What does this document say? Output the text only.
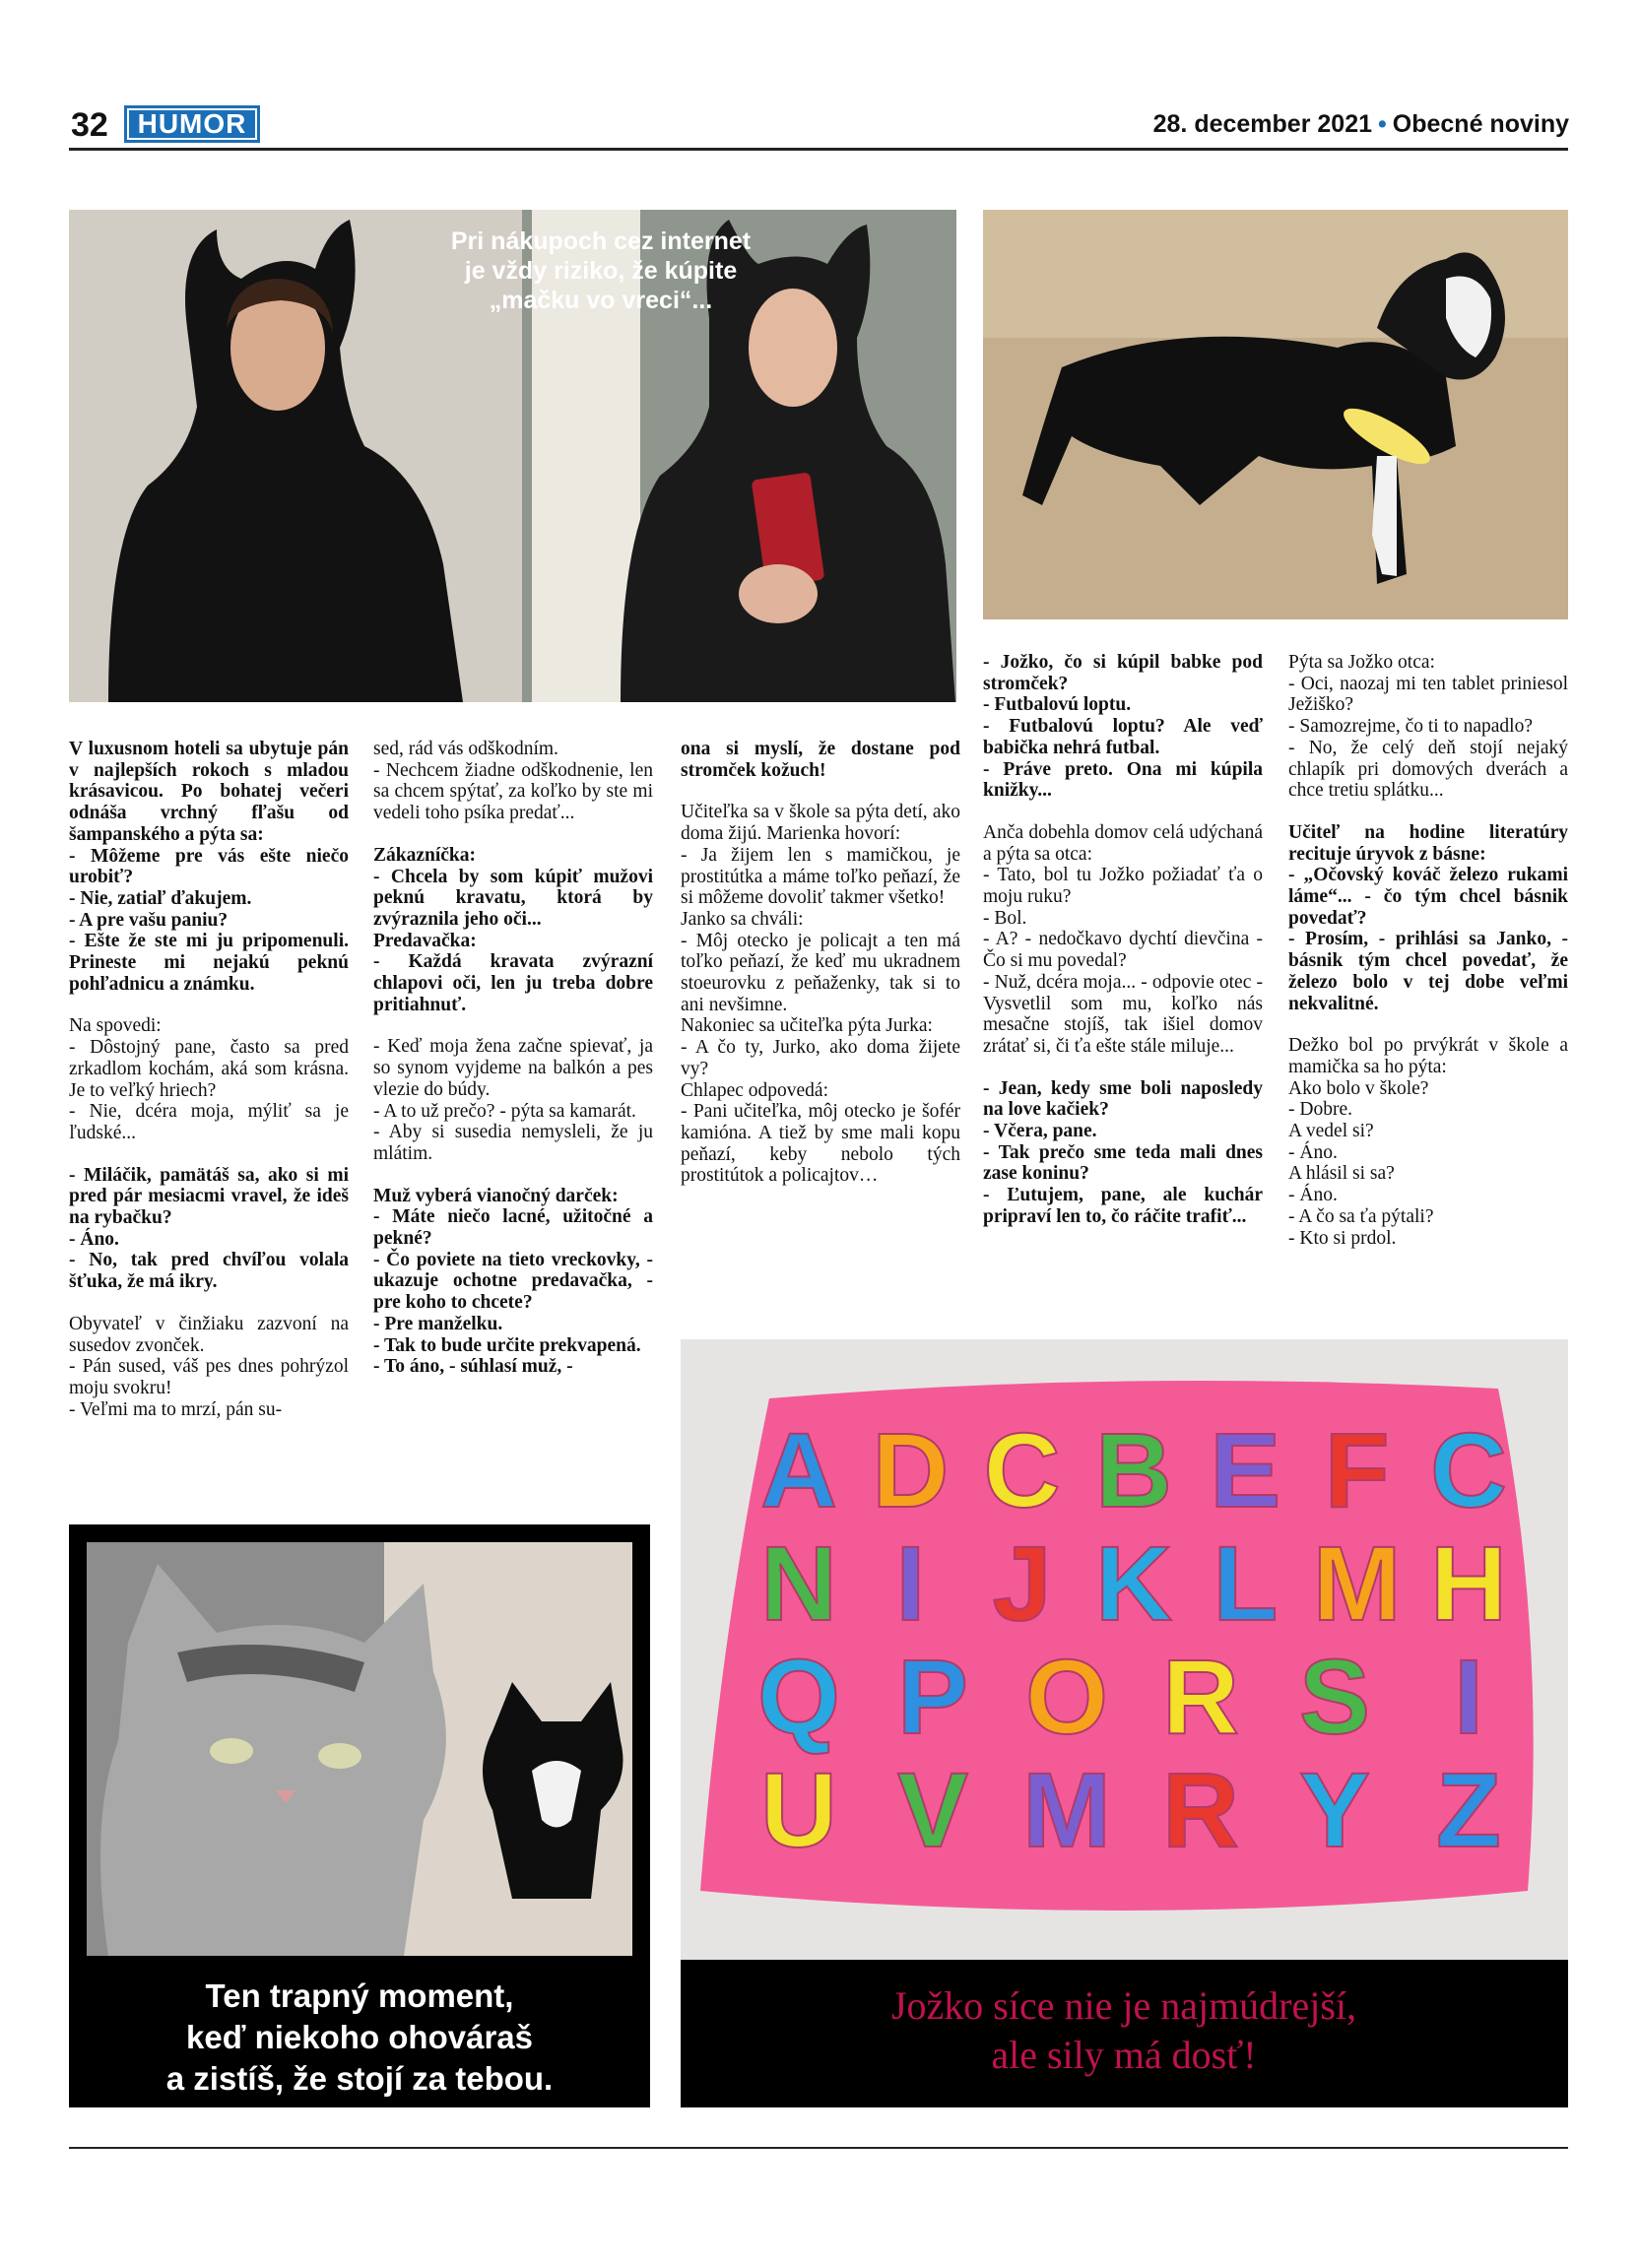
32	HUMOR	28. december 2021 • Obecné noviny
Pri nákupoch cez internet
je vždy riziko, že kúpite
„mačku vo vreci“...

V luxusnom hoteli sa ubytuje pán v najlepších rokoch s mladou krásavicou. Po bohatej večeri odnáša vrchný fľašu od šampanského a pýta sa:

- Môžeme pre vás ešte niečo urobiť?

- Nie, zatiaľ ďakujem.

- A pre vašu paniu?

- Ešte že ste mi ju pripomenuli. Prineste mi nejakú peknú pohľadnicu a známku.

Na spovedi:

- Dôstojný pane, často sa pred zrkadlom kochám, aká som krásna. Je to veľký hriech?

- Nie, dcéra moja, mýliť sa je ľudské...

- Miláčik, pamätáš sa, ako si mi pred pár mesiacmi vravel, že ideš na rybačku?

- Áno.

- No, tak pred chvíľou volala šťuka, že má ikry.

Obyvateľ v činžiaku zazvoní na susedov zvonček.

- Pán sused, váš pes dnes pohrýzol moju svokru!

- Veľmi ma to mrzí, pán su-

sed, rád vás odškodním.

- Nechcem žiadne odškodnenie, len sa chcem spýtať, za koľko by ste mi vedeli toho psíka predať...

Zákazníčka:

- Chcela by som kúpiť mužovi peknú kravatu, ktorá by zvýraznila jeho oči...

Predavačka:

- Každá kravata zvýrazní chlapovi oči, len ju treba dobre pritiahnuť.

- Keď moja žena začne spievať, ja so synom vyjdeme na balkón a pes vlezie do búdy.

- A to už prečo? - pýta sa kamarát.

- Aby si susedia nemysleli, že ju mlátim.

Muž vyberá vianočný darček:

- Máte niečo lacné, užitočné a pekné?

- Čo poviete na tieto vreckovky, - ukazuje ochotne predavačka, - pre koho to chcete?

- Pre manželku.

- Tak to bude určite prekvapená.

- To áno, - súhlasí muž, -

ona si myslí, že dostane pod stromček kožuch!

Učiteľka sa v škole sa pýta detí, ako doma žijú. Marienka hovorí:

- Ja žijem len s mamičkou, je prostitútka a máme toľko peňazí, že si môžeme dovoliť takmer všetko!

Janko sa chváli:

- Môj otecko je policajt a ten má toľko peňazí, že keď mu ukradnem stoeurovku z peňaženky, tak si to ani nevšimne.

Nakoniec sa učiteľka pýta Jurka:

- A čo ty, Jurko, ako doma žijete vy?

Chlapec odpovedá:

- Pani učiteľka, môj otecko je šofér kamióna. A tiež by sme mali kopu peňazí, keby nebolo tých prostitútok a policajtov…

- Jožko, čo si kúpil babke pod stromček?

- Futbalovú loptu.

- Futbalovú loptu? Ale veď babička nehrá futbal.

- Práve preto. Ona mi kúpila knižky...

Anča dobehla domov celá udýchaná a pýta sa otca:

- Tato, bol tu Jožko požiadať ťa o moju ruku?

- Bol.

- A? - nedočkavo dychtí dievčina - Čo si mu povedal?

- Nuž, dcéra moja... - odpovie otec - Vysvetlil som mu, koľko nás mesačne stojíš, tak išiel domov zrátať si, či ťa ešte stále miluje...

- Jean, kedy sme boli naposledy na love kačiek?

- Včera, pane.

- Tak prečo sme teda mali dnes zase koninu?

- Ľutujem, pane, ale kuchár pripraví len to, čo ráčite trafiť...

Pýta sa Jožko otca:

- Oci, naozaj mi ten tablet priniesol Ježiško?

- Samozrejme, čo ti to napadlo?

- No, že celý deň stojí nejaký chlapík pri domových dverách a chce tretiu splátku...

Učiteľ na hodine literatúry recituje úryvok z básne:

- „Očovský kováč železo rukami láme“... - čo tým chcel básnik povedať?

- Prosím, - prihlási sa Janko, - básnik tým chcel povedať, že železo bolo v tej dobe veľmi nekvalitné.

Dežko bol po prvýkrát v škole a mamička sa ho pýta:

Ako bolo v škole?

- Dobre.

A vedel si?

- Áno.

A hlásil si sa?

- Áno.

- A čo sa ťa pýtali?

- Kto si prdol.

Ten trapný moment,
keď niekoho ohováraš
a zistíš, že stojí za tebou.
A D C B E F C
N I J K L M H
Q P O R S I
U V M R Y Z
Jožko síce nie je najmúdrejší,
ale sily má dosť!
